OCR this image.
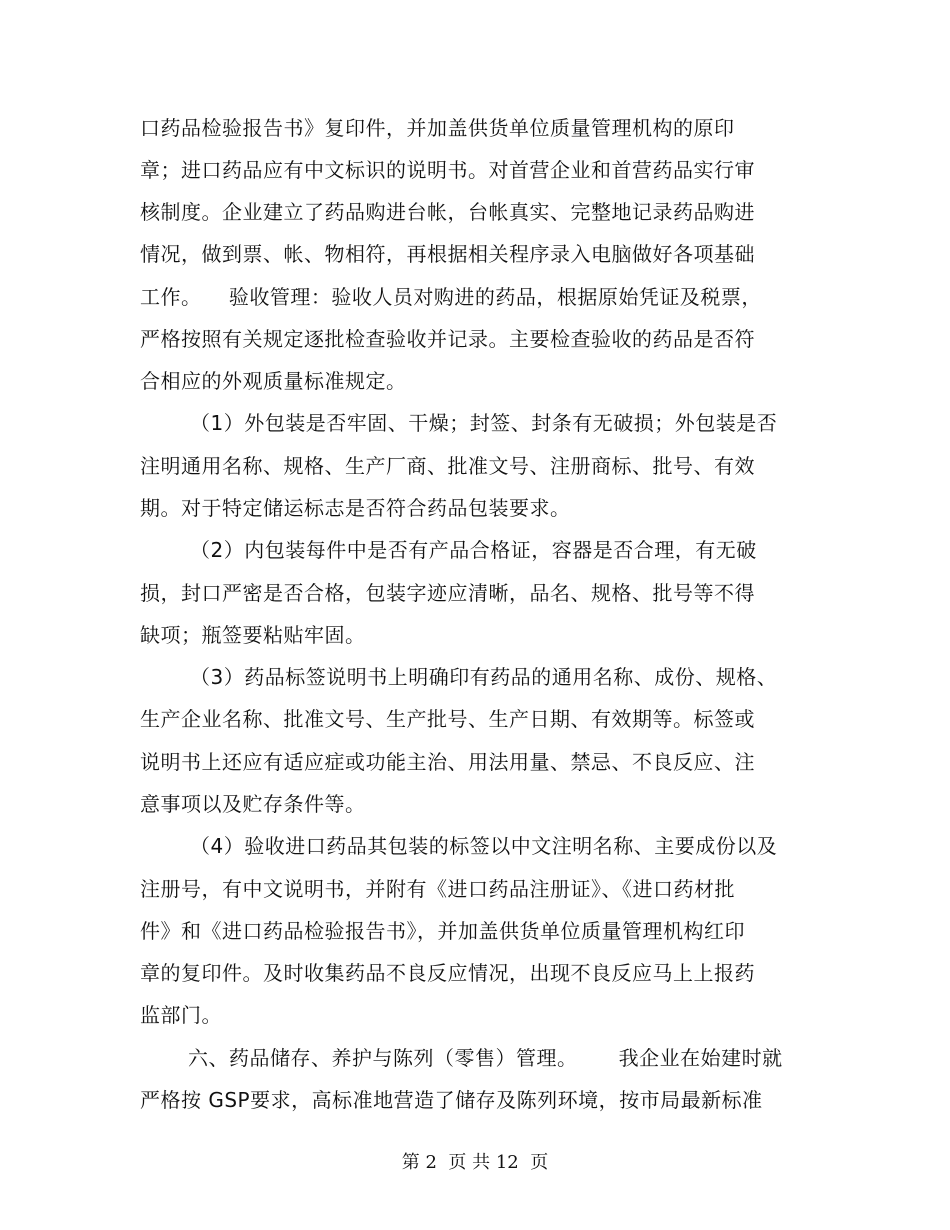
口药品检验报告书》复印件，并加盖供货单位质量管理机构的原印
章；进口药品应有中文标识的说明书。对首营企业和首营药品实行审
核制度。企业建立了药品购进台帐，台帐真实、完整地记录药品购进
情况，做到票、帐、物相符，再根据相关程序录入电脑做好各项基础
工作。    验收管理：验收人员对购进的药品，根据原始凭证及税票，
严格按照有关规定逐批检查验收并记录。主要检查验收的药品是否符
合相应的外观质量标准规定。
（1）外包装是否牢固、干燥；封签、封条有无破损；外包装是否
注明通用名称、规格、生产厂商、批准文号、注册商标、批号、有效
期。对于特定储运标志是否符合药品包装要求。
（2）内包装每件中是否有产品合格证，容器是否合理，有无破
损，封口严密是否合格，包装字迹应清晰，品名、规格、批号等不得
缺项；瓶签要粘贴牢固。
（3）药品标签说明书上明确印有药品的通用名称、成份、规格、
生产企业名称、批准文号、生产批号、生产日期、有效期等。标签或
说明书上还应有适应症或功能主治、用法用量、禁忌、不良反应、注
意事项以及贮存条件等。
（4）验收进口药品其包装的标签以中文注明名称、主要成份以及
注册号，有中文说明书，并附有《进口药品注册证》、《进口药材批
件》和《进口药品检验报告书》，并加盖供货单位质量管理机构红印
章的复印件。及时收集药品不良反应情况，出现不良反应马上上报药
监部门。
六、药品储存、养护与陈列（零售）管理。      我企业在始建时就
严格按 GSP要求，高标准地营造了储存及陈列环境，按市局最新标准
第 2  页 共 12  页
